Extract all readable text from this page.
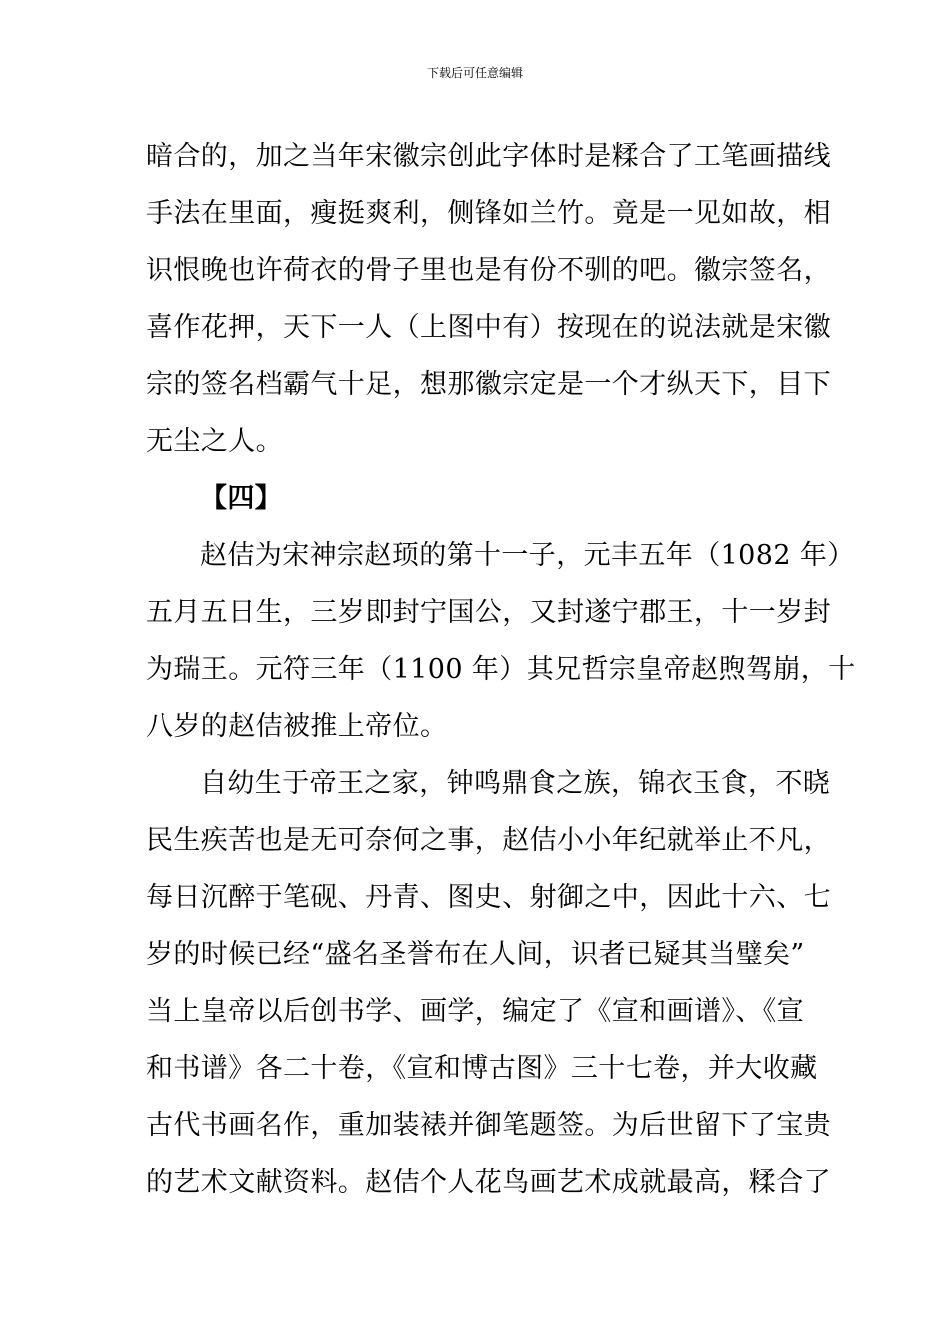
下载后可任意编辑
暗合的，加之当年宋徽宗创此字体时是糅合了工笔画描线
手法在里面，瘦挺爽利，侧锋如兰竹。竟是一见如故，相
识恨晚也许荷衣的骨子里也是有份不驯的吧。徽宗签名，
喜作花押，天下一人（上图中有）按现在的说法就是宋徽
宗的签名档霸气十足，想那徽宗定是一个才纵天下，目下
无尘之人。
【四】
赵佶为宋神宗赵顼的第十一子，元丰五年（1082 年）
五月五日生，三岁即封宁国公，又封遂宁郡王，十一岁封
为瑞王。元符三年（1100 年）其兄哲宗皇帝赵煦驾崩，十
八岁的赵佶被推上帝位。
自幼生于帝王之家，钟鸣鼎食之族，锦衣玉食，不晓
民生疾苦也是无可奈何之事，赵佶小小年纪就举止不凡，
每日沉醉于笔砚、丹青、图史、射御之中，因此十六、七
岁的时候已经“盛名圣誉布在人间，识者已疑其当璧矣”
当上皇帝以后创书学、画学，编定了《宣和画谱》、《宣
和书谱》各二十卷，《宣和博古图》三十七卷，并大收藏
古代书画名作，重加装裱并御笔题签。为后世留下了宝贵
的艺术文献资料。赵佶个人花鸟画艺术成就最高，糅合了
